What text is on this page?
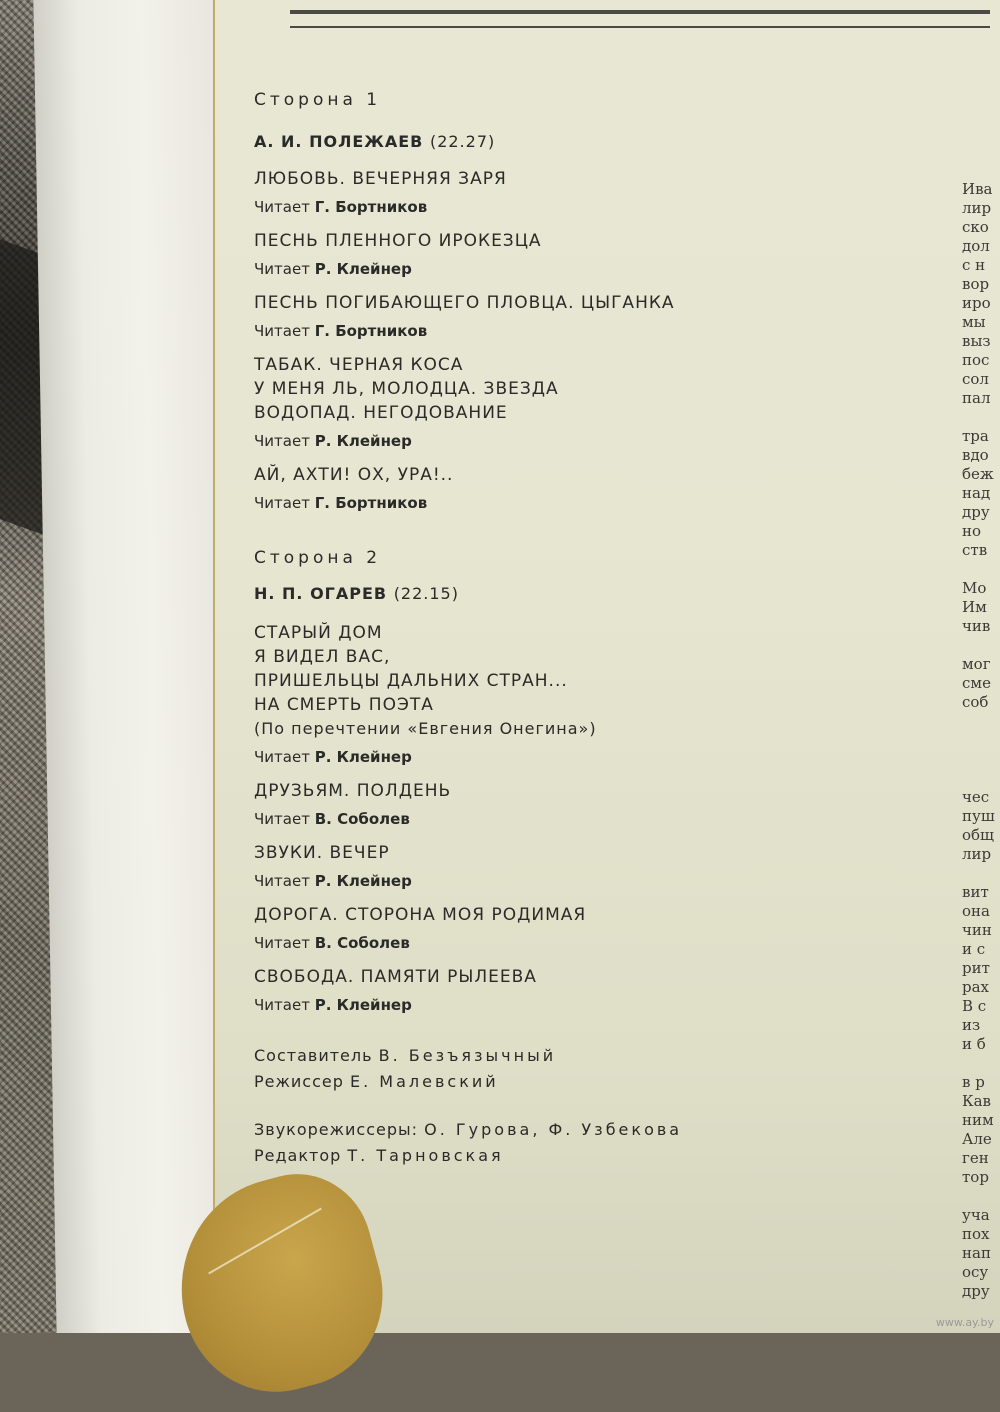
Сторона 1

А. И. ПОЛЕЖАЕВ (22.27)

ЛЮБОВЬ. ВЕЧЕРНЯЯ ЗАРЯ

Читает Г. Бортников

ПЕСНЬ ПЛЕННОГО ИРОКЕЗЦА

Читает Р. Клейнер

ПЕСНЬ ПОГИБАЮЩЕГО ПЛОВЦА. ЦЫГАНКА

Читает Г. Бортников

ТАБАК. ЧЕРНАЯ КОСА

У МЕНЯ ЛЬ, МОЛОДЦА. ЗВЕЗДА

ВОДОПАД. НЕГОДОВАНИЕ

Читает Р. Клейнер

АЙ, АХТИ! ОХ, УРА!..

Читает Г. Бортников

Сторона 2

Н. П. ОГАРЕВ (22.15)

СТАРЫЙ ДОМ

Я ВИДЕЛ ВАС,

ПРИШЕЛЬЦЫ ДАЛЬНИХ СТРАН...

НА СМЕРТЬ ПОЭТА

(По перечтении «Евгения Онегина»)

Читает Р. Клейнер

ДРУЗЬЯМ. ПОЛДЕНЬ

Читает В. Соболев

ЗВУКИ. ВЕЧЕР

Читает Р. Клейнер

ДОРОГА. СТОРОНА МОЯ РОДИМАЯ

Читает В. Соболев

СВОБОДА. ПАМЯТИ РЫЛЕЕВА

Читает Р. Клейнер

Составитель В. Безъязычный

Режиссер Е. Малевский

Звукорежиссеры: О. Гурова, Ф. Узбекова

Редактор Т. Тарновская

Ива
лир
ско
дол
с н
вор
иро
мы
выз
пос
сол
пал
тра
вдо
беж
над
дру
но
ств
Мо
Им
чив
мог
сме
соб
чес
пуш
общ
лир
вит
она
чин
и с
рит
рах
В с
из
и б
в р
Кав
ним
Але
ген
тор
уча
пох
нап
осу
дру
www.ay.by
